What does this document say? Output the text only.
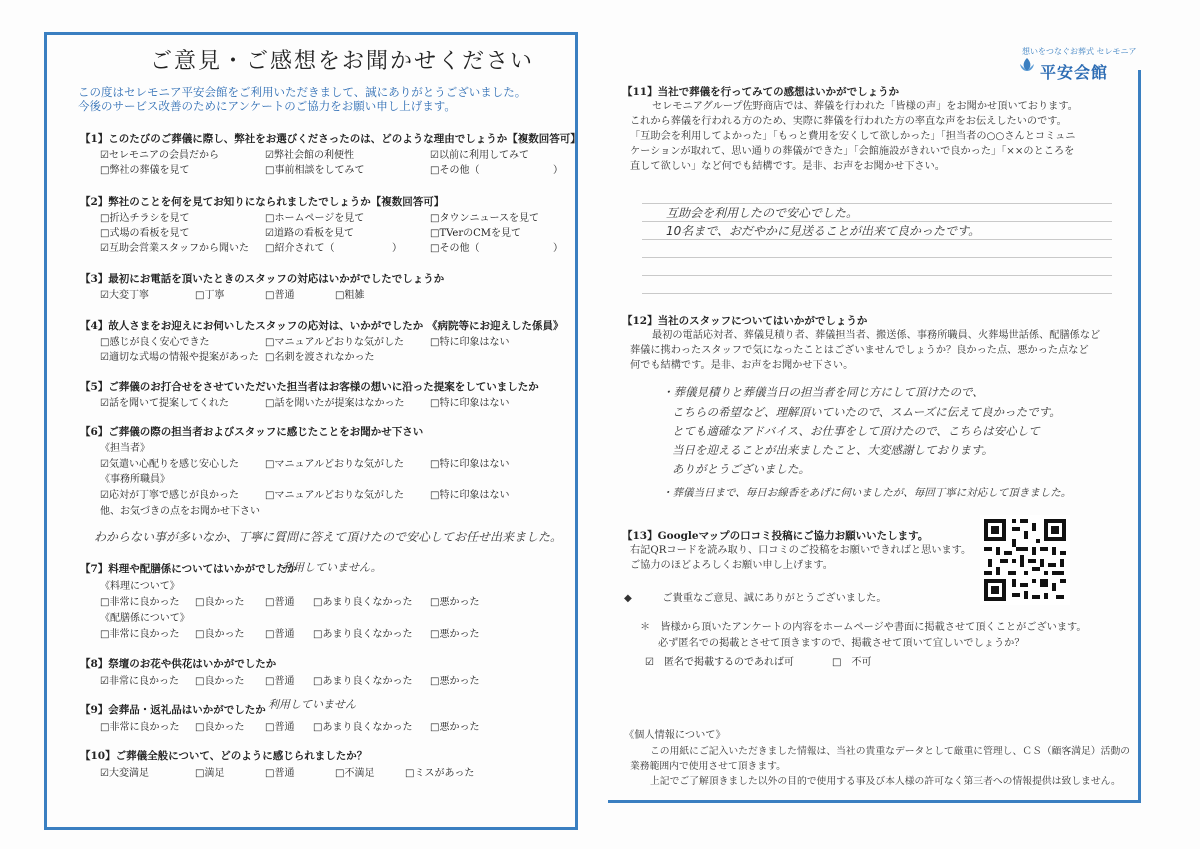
ご意見・ご感想をお聞かせください
この度はセレモニア平安会館をご利用いただきまして、誠にありがとうございました。
今後のサービス改善のためにアンケートのご協力をお願い申し上げます。
【1】このたびのご葬儀に際し、弊社をお選びくださったのは、どのような理由でしょうか【複数回答可】
☑セレモニアの会員だから	☑弊社会館の利便性	☑以前に利用してみて
□弊社の葬儀を見て	□事前相談をしてみて	□その他（	）
【2】弊社のことを何を見てお知りになられましたでしょうか【複数回答可】
□折込チラシを見て	□ホームページを見て	□タウンニュースを見て
□式場の看板を見て	☑道路の看板を見て	□TVerのCMを見て
☑互助会営業スタッフから聞いた □紹介されて（	）	□その他（	）
【3】最初にお電話を頂いたときのスタッフの対応はいかがでしたでしょうか
☑大変丁寧	□丁寧	□普通	□粗雑
【4】故人さまをお迎えにお伺いしたスタッフの応対は、いかがでしたか 《病院等にお迎えした係員》
□感じが良く安心できた	□マニュアルどおりな気がした	□特に印象はない
☑適切な式場の情報や提案があった □名刺を渡されなかった
【5】ご葬儀のお打合せをさせていただいた担当者はお客様の想いに沿った提案をしていましたか
☑話を聞いて提案してくれた	□話を聞いたが提案はなかった	□特に印象はない
【6】ご葬儀の際の担当者およびスタッフに感じたことをお聞かせ下さい
《担当者》
☑気遣い心配りを感じ安心した	□マニュアルどおりな気がした	□特に印象はない
《事務所職員》
☑応対が丁寧で感じが良かった	□マニュアルどおりな気がした	□特に印象はない
他、お気づきの点をお聞かせ下さい
わからない事が多いなか、丁寧に質問に答えて頂けたので安心してお任せ出来ました。
【7】料理や配膳係についてはいかがでしたか
利用していません。
《料理について》
□非常に良かった □良かった □普通 □あまり良くなかった □悪かった
《配膳係について》
□非常に良かった □良かった □普通 □あまり良くなかった □悪かった
【8】祭壇のお花や供花はいかがでしたか
☑非常に良かった □良かった □普通 □あまり良くなかった □悪かった
【9】会葬品・返礼品はいかがでしたか 利用していません
□非常に良かった □良かった □普通 □あまり良くなかった □悪かった
【10】ご葬儀全般について、どのように感じられましたか？
☑大変満足	□満足	□普通	□不満足	□ミスがあった
想いをつなぐお葬式 セレモニア
平安会館
【11】当社で葬儀を行ってみての感想はいかがでしょうか
セレモニアグループ佐野商店では、葬儀を行われた「皆様の声」をお聞かせ頂いております。
これから葬儀を行われる方のため、実際に葬儀を行われた方の率直な声をお伝えしたいのです。
「互助会を利用してよかった」「もっと費用を安くして欲しかった」「担当者の○○さんとコミュニ
ケーションが取れて、思い通りの葬儀ができた」「会館施設がきれいで良かった」「××のところを
直して欲しい」など何でも結構です。是非、お声をお聞かせ下さい。
互助会を利用したので安心でした。
10名まで、おだやかに見送ることが出来て良かったです。
【12】当社のスタッフについてはいかがでしょうか
最初の電話応対者、葬儀見積り者、葬儀担当者、搬送係、事務所職員、火葬場世話係、配膳係など
葬儀に携わったスタッフで気になったことはございませんでしょうか？良かった点、悪かった点など
何でも結構です。是非、お声をお聞かせ下さい。
・葬儀見積りと葬儀当日の担当者を同じ方にして頂けたので、
こちらの希望など、理解頂いていたので、スムーズに伝えて良かったです。
とても適確なアドバイス、お仕事をして頂けたので、こちらは安心して
当日を迎えることが出来ましたこと、大変感謝しております。
ありがとうございました。
・葬儀当日まで、毎日お線香をあげに伺いましたが、毎回丁寧に対応して頂きました。
【13】Googleマップの口コミ投稿にご協力お願いいたします。
右記QRコードを読み取り、口コミのご投稿をお願いできればと思います。
ご協力のほどよろしくお願い申し上げます。
◆　　　ご貴重なご意見、誠にありがとうございました。
＊　皆様から頂いたアンケートの内容をホームページや書面に掲載させて頂くことがございます。
必ず匿名での掲載とさせて頂きますので、掲載させて頂いて宜しいでしょうか？
☑　匿名で掲載するのであれば可	□　不可
《個人情報について》
この用紙にご記入いただきました情報は、当社の貴重なデータとして厳重に管理し、ＣＳ（顧客満足）活動の
業務範囲内で使用させて頂きます。
上記でご了解頂きました以外の目的で使用する事及び本人様の許可なく第三者への情報提供は致しません。
